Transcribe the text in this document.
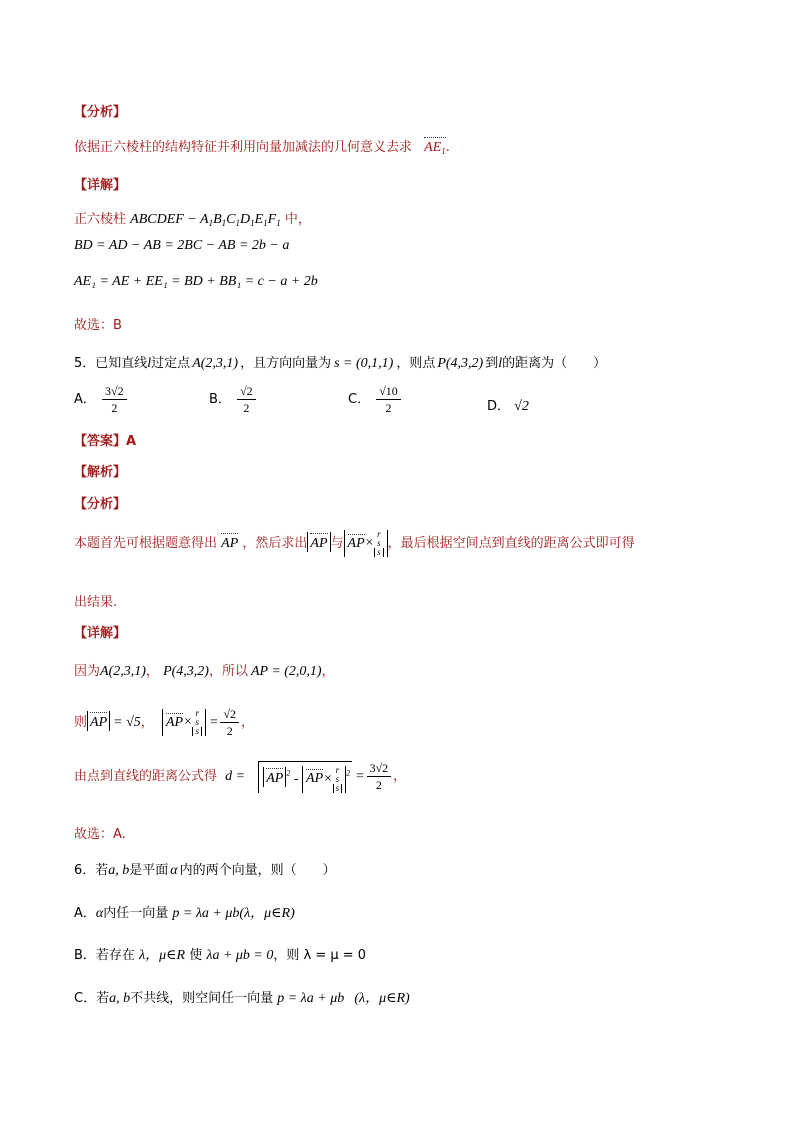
【分析】
依据正六棱柱的结构特征并利用向量加减法的几何意义去求 $AE_1$.
【详解】
正六棱柱 ABCDEF − $A_1B_1C_1D_1E_1F_1$ 中，
BD = AD − AB = 2BC − AB = 2b − a
AE₁ = AE + EE₁ = BD + BB₁ = c − a + 2b
故选：B
5．已知直线l过定点 A(2,3,1) ，且方向向量为 s = (0,1,1) ，则点 P(4,3,2) 到l的距离为（　　）
A． $\frac{3√2}{2}$	B． $\frac{√2}{2}$	C． $\frac{√10}{2}$	D． √2
【答案】A
【解析】
【分析】
本题首先可根据题意得出 AP ，然后求出 AP 与 AP×
r
s
s
，最后根据空间点到直线的距离公式即可得
出结果.
【详解】
因为A(2,3,1)， P(4,3,2)，所以 AP = (2,0,1)，
则 AP = √5， AP×
r
s
s
= $\frac{√2}{2}$ ，
由点到直线的距离公式得 d = AP $^2$ - AP×
r
s
s
$^2 = \frac{3√2}{2}$ ，
故选：A.
6．若a, b是平面 α 内的两个向量，则（　　）
A．α内任一向量 p = λa + μb(λ，μ∈R)
B．若存在 λ，μ∈R 使 λa + μb = 0，则 λ = μ = 0
C．若a, b不共线，则空间任一向量 p = λa + μb (λ，μ∈R)
